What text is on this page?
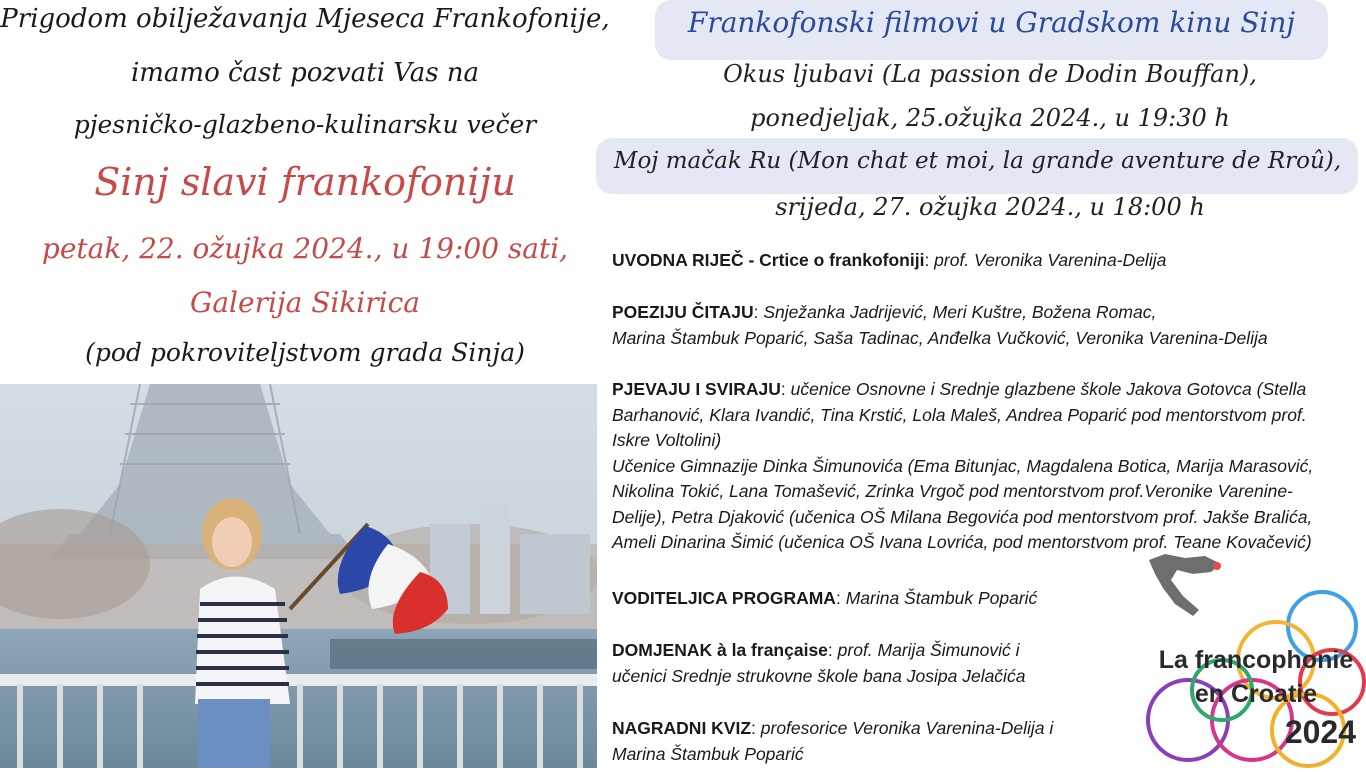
Prigodom obilježavanja Mjeseca Frankofonije,
imamo čast pozvati Vas na
pjesničko-glazbeno-kulinarsku večer
Sinj slavi frankofoniju
petak, 22. ožujka 2024., u 19:00 sati,
Galerija Sikirica
(pod pokroviteljstvom grada Sinja)
Frankofonski filmovi u Gradskom kinu Sinj
Okus ljubavi (La passion de Dodin Bouffan),
ponedjeljak, 25.ožujka 2024., u 19:30 h
Moj mačak Ru (Mon chat et moi, la grande aventure de Rroû),
srijeda, 27. ožujka 2024., u 18:00 h
UVODNA RIJEČ - Crtice o frankofoniji: prof. Veronika Varenina-Delija
POEZIJU ČITAJU: Snježanka Jadrijević, Meri Kuštre, Božena Romac,
Marina Štambuk Poparić, Saša Tadinac, Anđelka Vučković, Veronika Varenina-Delija
PJEVAJU I SVIRAJU: učenice Osnovne i Srednje glazbene škole Jakova Gotovca (Stella
Barhanović, Klara Ivandić, Tina Krstić, Lola Maleš, Andrea Poparić pod mentorstvom prof.
Iskre Voltolini)
Učenice Gimnazije Dinka Šimunovića (Ema Bitunjac, Magdalena Botica, Marija Marasović,
Nikolina Tokić, Lana Tomašević, Zrinka Vrgoč pod mentorstvom prof.Veronike Varenine-
Delije), Petra Djaković (učenica OŠ Milana Begovića pod mentorstvom prof. Jakše Bralića,
Ameli Dinarina Šimić (učenica OŠ Ivana Lovrića, pod mentorstvom prof. Teane Kovačević)
VODITELJICA PROGRAMA: Marina Štambuk Poparić
DOMJENAK à la française: prof. Marija Šimunović i
učenici Srednje strukovne škole bana Josipa Jelačića
NAGRADNI KVIZ: profesorice Veronika Varenina-Delija i
Marina Štambuk Poparić
FRANKO
FONIJA
La francophonie
en Croatie
2024
